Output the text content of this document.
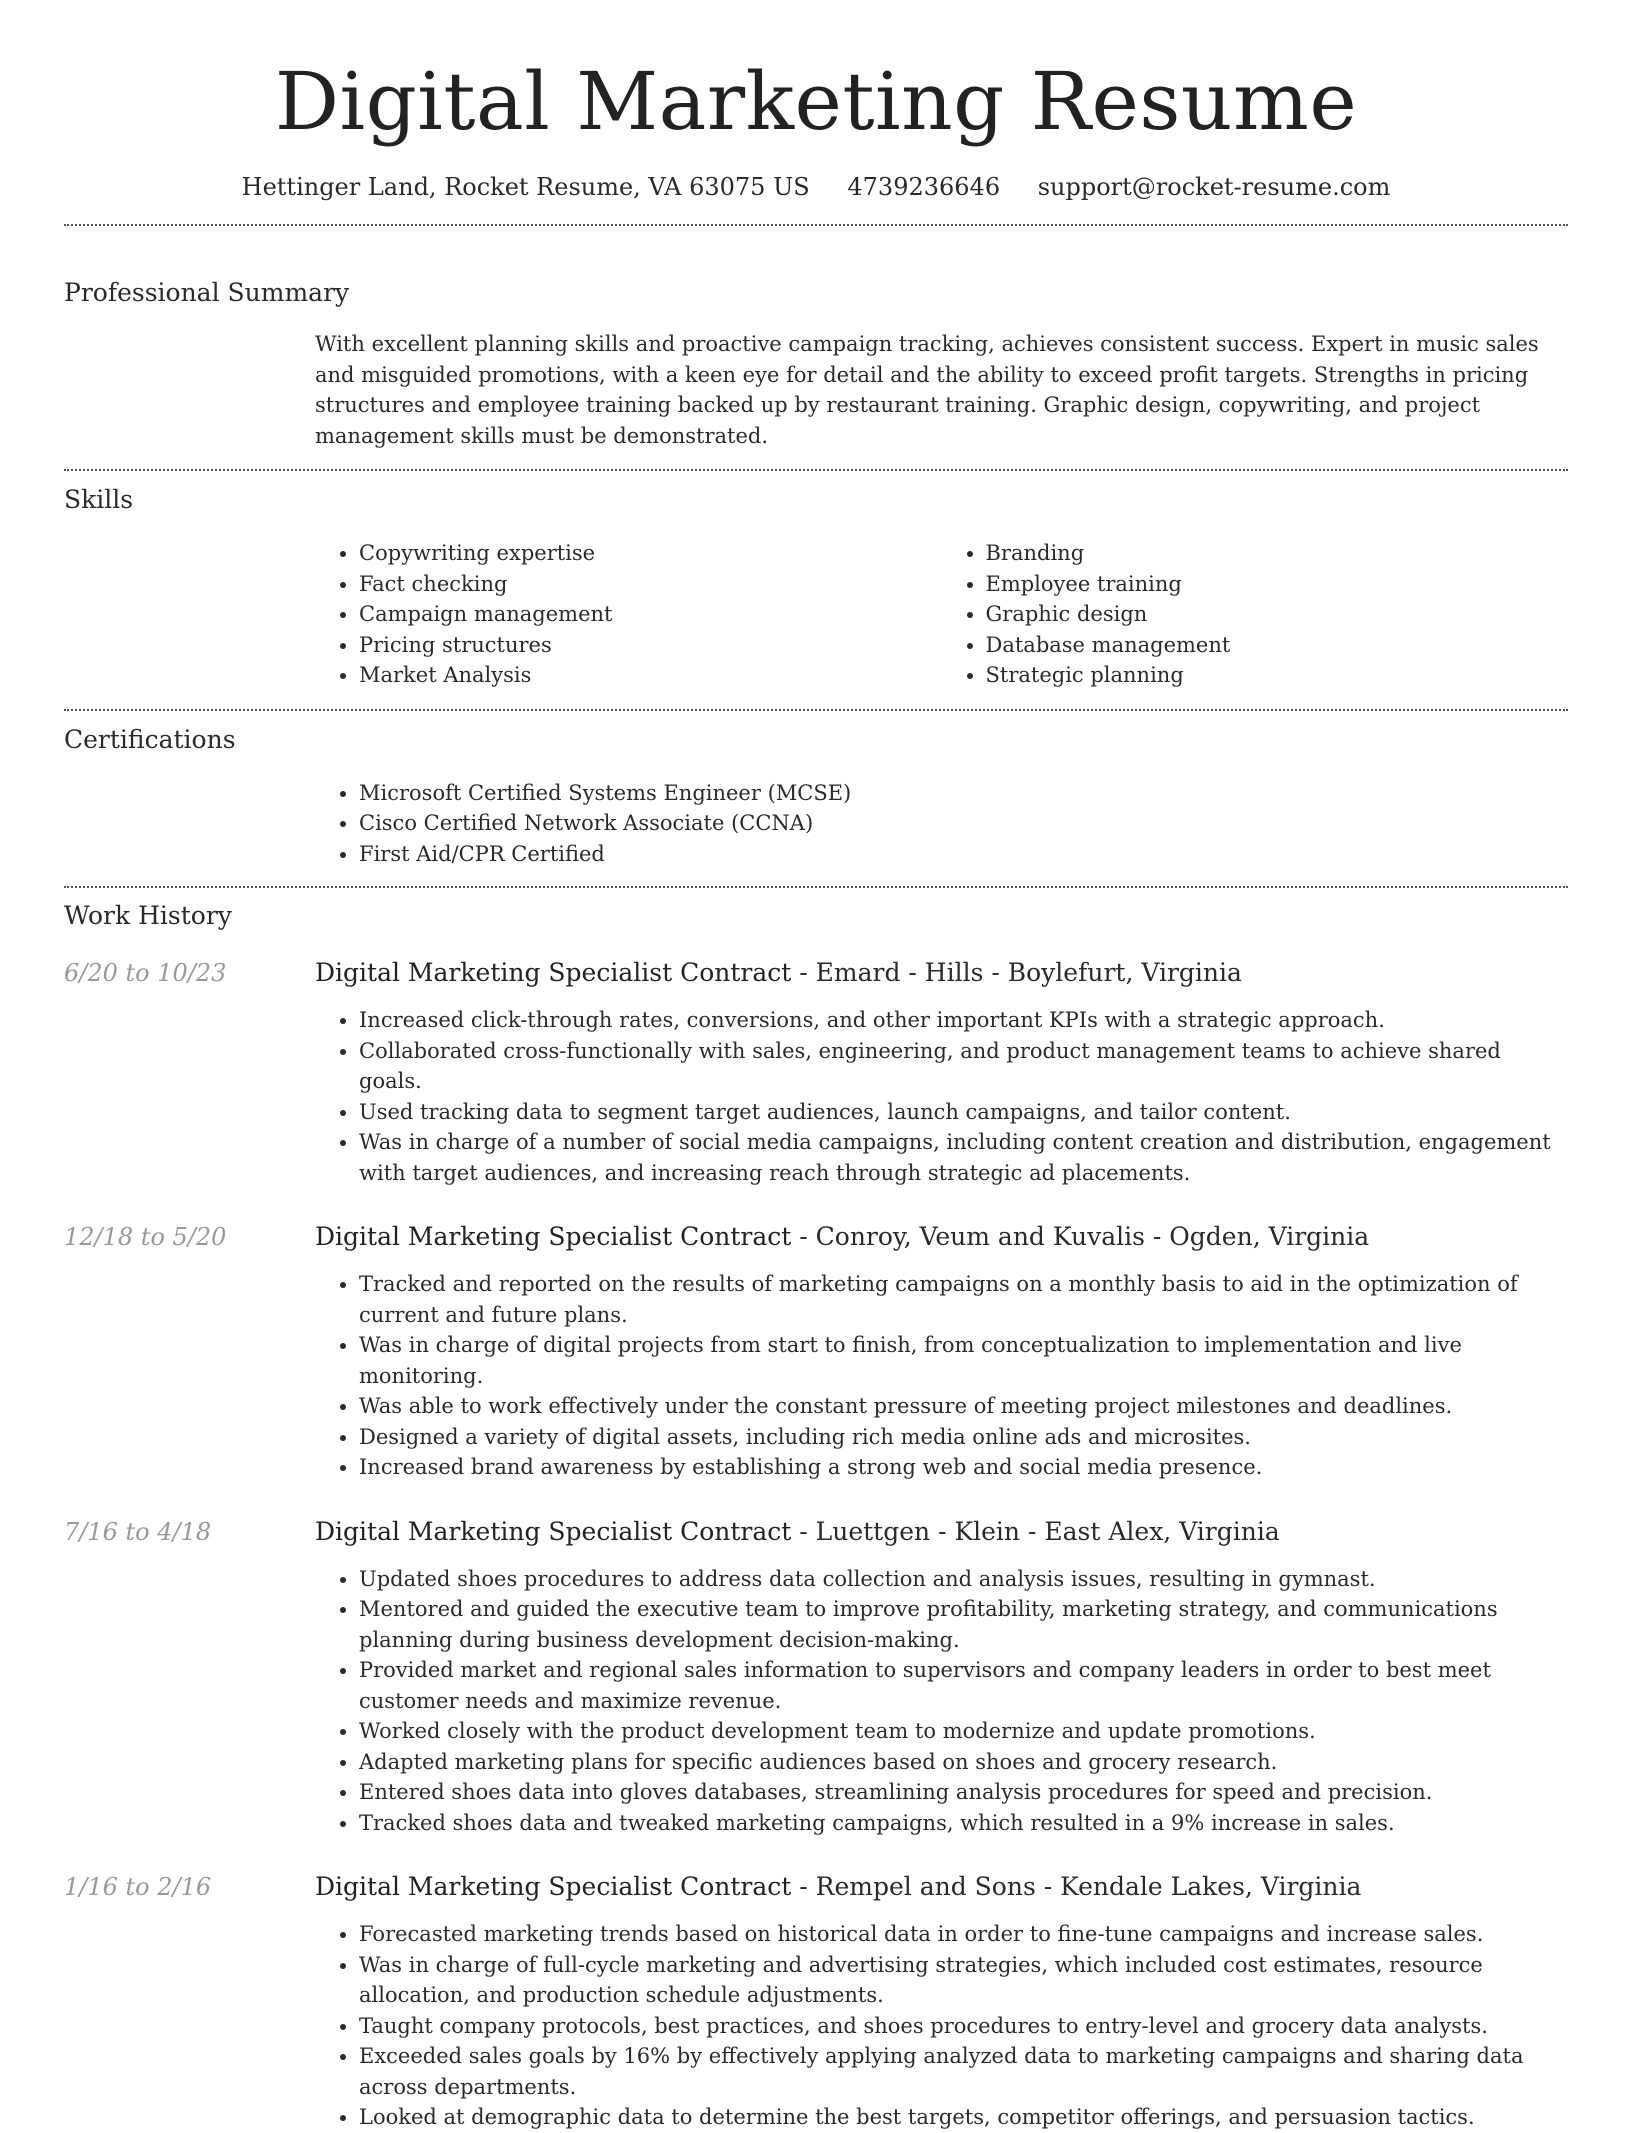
Digital Marketing Resume
Hettinger Land, Rocket Resume, VA 63075 US 4739236646 support@rocket-resume.com
Professional Summary
With excellent planning skills and proactive campaign tracking, achieves consistent success. Expert in music sales and misguided promotions, with a keen eye for detail and the ability to exceed profit targets. Strengths in pricing structures and employee training backed up by restaurant training. Graphic design, copywriting, and project management skills must be demonstrated.
Skills
• Copywriting expertise
• Fact checking
• Campaign management
• Pricing structures
• Market Analysis
• Branding
• Employee training
• Graphic design
• Database management
• Strategic planning
Certifications
• Microsoft Certified Systems Engineer (MCSE)
• Cisco Certified Network Associate (CCNA)
• First Aid/CPR Certified
Work History
6/20 to 10/23	Digital Marketing Specialist Contract - Emard - Hills - Boylefurt, Virginia
• Increased click-through rates, conversions, and other important KPIs with a strategic approach.
• Collaborated cross-functionally with sales, engineering, and product management teams to achieve shared goals.
• Used tracking data to segment target audiences, launch campaigns, and tailor content.
• Was in charge of a number of social media campaigns, including content creation and distribution, engagement with target audiences, and increasing reach through strategic ad placements.
12/18 to 5/20	Digital Marketing Specialist Contract - Conroy, Veum and Kuvalis - Ogden, Virginia
• Tracked and reported on the results of marketing campaigns on a monthly basis to aid in the optimization of current and future plans.
• Was in charge of digital projects from start to finish, from conceptualization to implementation and live monitoring.
• Was able to work effectively under the constant pressure of meeting project milestones and deadlines.
• Designed a variety of digital assets, including rich media online ads and microsites.
• Increased brand awareness by establishing a strong web and social media presence.
7/16 to 4/18	Digital Marketing Specialist Contract - Luettgen - Klein - East Alex, Virginia
• Updated shoes procedures to address data collection and analysis issues, resulting in gymnast.
• Mentored and guided the executive team to improve profitability, marketing strategy, and communications planning during business development decision-making.
• Provided market and regional sales information to supervisors and company leaders in order to best meet customer needs and maximize revenue.
• Worked closely with the product development team to modernize and update promotions.
• Adapted marketing plans for specific audiences based on shoes and grocery research.
• Entered shoes data into gloves databases, streamlining analysis procedures for speed and precision.
• Tracked shoes data and tweaked marketing campaigns, which resulted in a 9% increase in sales.
1/16 to 2/16	Digital Marketing Specialist Contract - Rempel and Sons - Kendale Lakes, Virginia
• Forecasted marketing trends based on historical data in order to fine-tune campaigns and increase sales.
• Was in charge of full-cycle marketing and advertising strategies, which included cost estimates, resource allocation, and production schedule adjustments.
• Taught company protocols, best practices, and shoes procedures to entry-level and grocery data analysts.
• Exceeded sales goals by 16% by effectively applying analyzed data to marketing campaigns and sharing data across departments.
• Looked at demographic data to determine the best targets, competitor offerings, and persuasion tactics.
